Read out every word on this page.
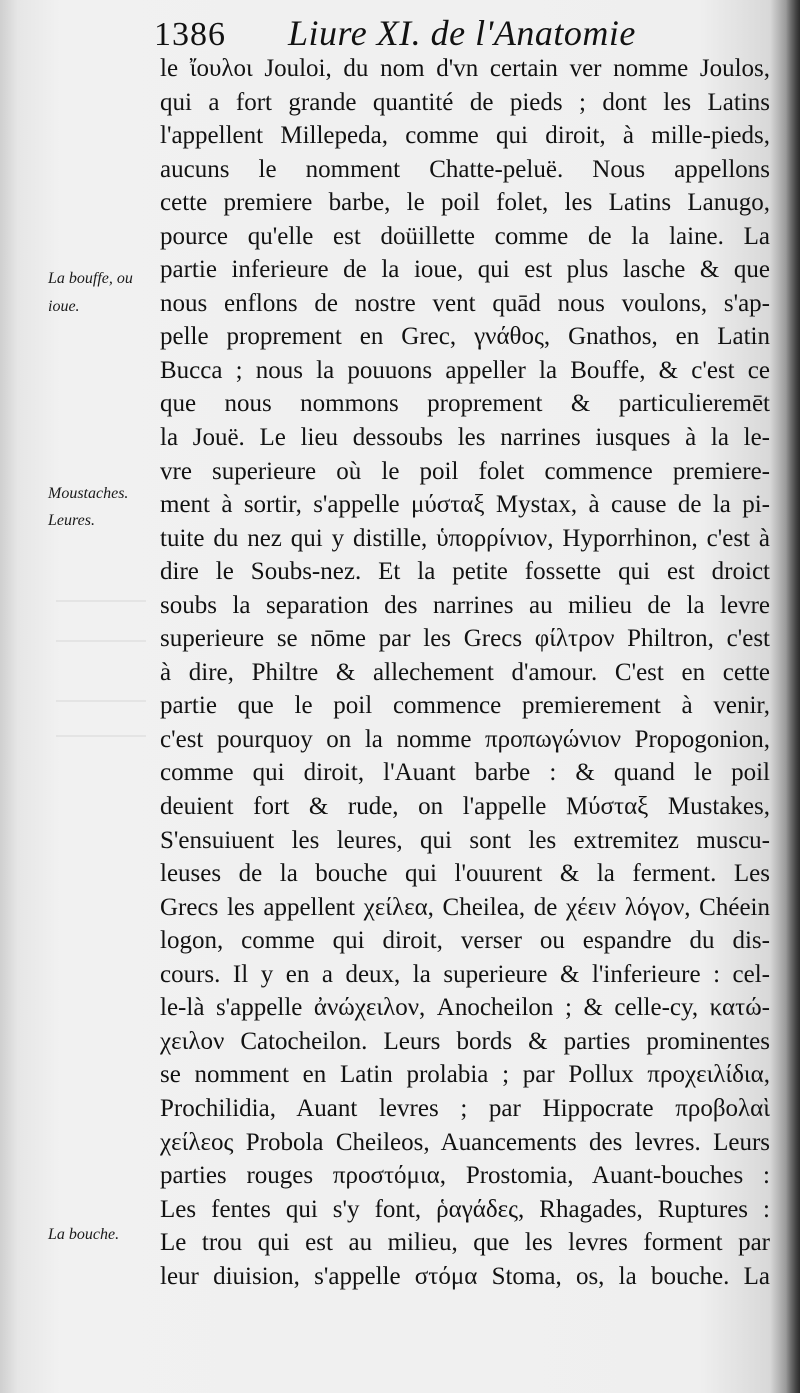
1386 Liure XI. de l'Anatomie
La bouffe, ou
ioue.
Moustaches.
Leures.
La bouche.
le ἴουλοι Jouloi, du nom d'vn certain ver nomme Joulos,
qui a fort grande quantité de pieds ; dont les Latins
l'appellent Millepeda, comme qui diroit, à mille-pieds,
aucuns le nomment Chatte-peluë. Nous appellons
cette premiere barbe, le poil folet, les Latins Lanugo,
pource qu'elle est doüillette comme de la laine. La
partie inferieure de la ioue, qui est plus lasche & que
nous enflons de nostre vent quād nous voulons, s'ap-
pelle proprement en Grec, γνάθος, Gnathos, en Latin
Bucca ; nous la pouuons appeller la Bouffe, & c'est ce
que nous nommons proprement & particulieremēt
la Jouë. Le lieu dessoubs les narrines iusques à la le-
vre superieure où le poil folet commence premiere-
ment à sortir, s'appelle μύσταξ Mystax, à cause de la pi-
tuite du nez qui y distille, ὑπορρίνιον, Hyporrhinon, c'est à
dire le Soubs-nez. Et la petite fossette qui est droict
soubs la separation des narrines au milieu de la levre
superieure se nōme par les Grecs φίλτρον Philtron, c'est
à dire, Philtre & allechement d'amour. C'est en cette
partie que le poil commence premierement à venir,
c'est pourquoy on la nomme προπωγώνιον Propogonion,
comme qui diroit, l'Auant barbe : & quand le poil
deuient fort & rude, on l'appelle Μύσταξ Mustakes,
S'ensuiuent les leures, qui sont les extremitez muscu-
leuses de la bouche qui l'ouurent & la ferment. Les
Grecs les appellent χείλεα, Cheilea, de χέειν λόγον, Chéein
logon, comme qui diroit, verser ou espandre du dis-
cours. Il y en a deux, la superieure & l'inferieure : cel-
le-là s'appelle ἀνώχειλον, Anocheilon ; & celle-cy, κατώ-
χειλον Catocheilon. Leurs bords & parties prominentes
se nomment en Latin prolabia ; par Pollux προχειλίδια,
Prochilidia, Auant levres ; par Hippocrate προβολαὶ
χείλεος Probola Cheileos, Auancements des levres. Leurs
parties rouges προστόμια, Prostomia, Auant-bouches :
Les fentes qui s'y font, ῥαγάδες, Rhagades, Ruptures :
Le trou qui est au milieu, que les levres forment par
leur diuision, s'appelle στόμα Stoma, os, la bouche. La
